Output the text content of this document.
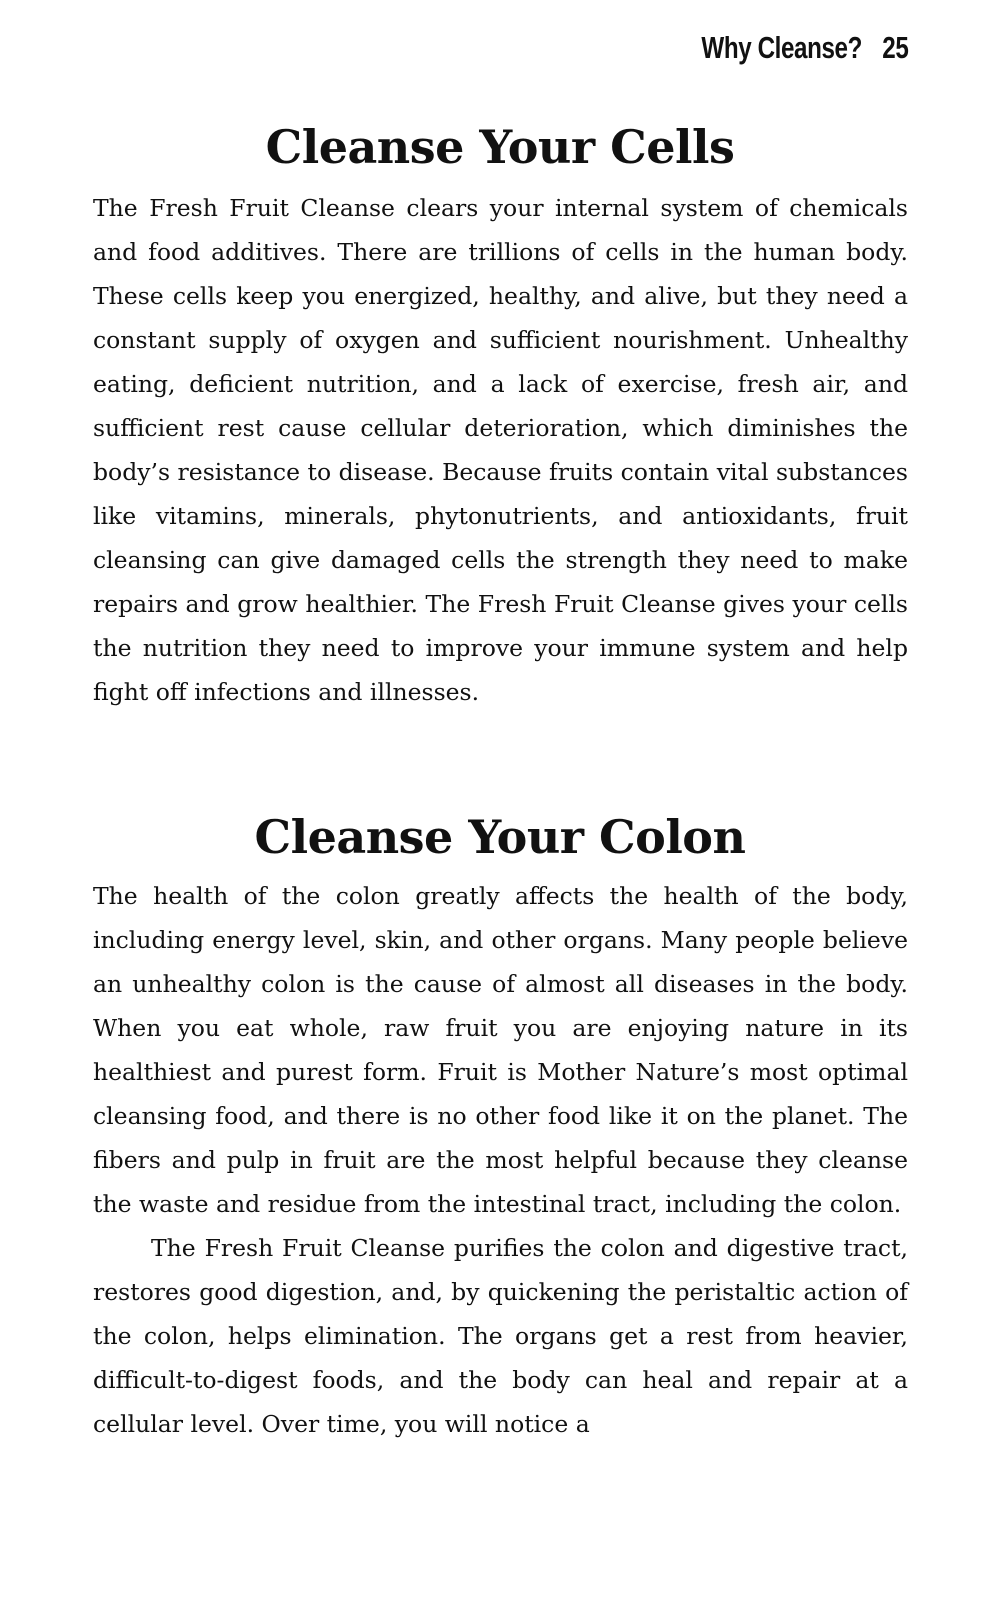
Why Cleanse? 25
Cleanse Your Cells

The Fresh Fruit Cleanse clears your internal system of chemicals and food additives. There are trillions of cells in the human body. These cells keep you energized, healthy, and alive, but they need a constant supply of oxygen and sufficient nourishment. Unhealthy eating, deficient nutrition, and a lack of exercise, fresh air, and sufficient rest cause cellular deterioration, which diminishes the body’s resistance to disease. Because fruits contain vital substances like vitamins, minerals, phytonutrients, and antioxidants, fruit cleansing can give damaged cells the strength they need to make repairs and grow healthier. The Fresh Fruit Cleanse gives your cells the nutrition they need to improve your immune system and help fight off infections and illnesses.

Cleanse Your Colon

The health of the colon greatly affects the health of the body, including energy level, skin, and other organs. Many people believe an unhealthy colon is the cause of almost all diseases in the body. When you eat whole, raw fruit you are enjoying nature in its healthiest and purest form. Fruit is Mother Nature’s most optimal cleansing food, and there is no other food like it on the planet. The fibers and pulp in fruit are the most helpful because they cleanse the waste and residue from the intestinal tract, including the colon.

The Fresh Fruit Cleanse purifies the colon and digestive tract, restores good digestion, and, by quickening the peristaltic action of the colon, helps elimination. The organs get a rest from heavier, difficult-to-digest foods, and the body can heal and repair at a cellular level. Over time, you will notice a
